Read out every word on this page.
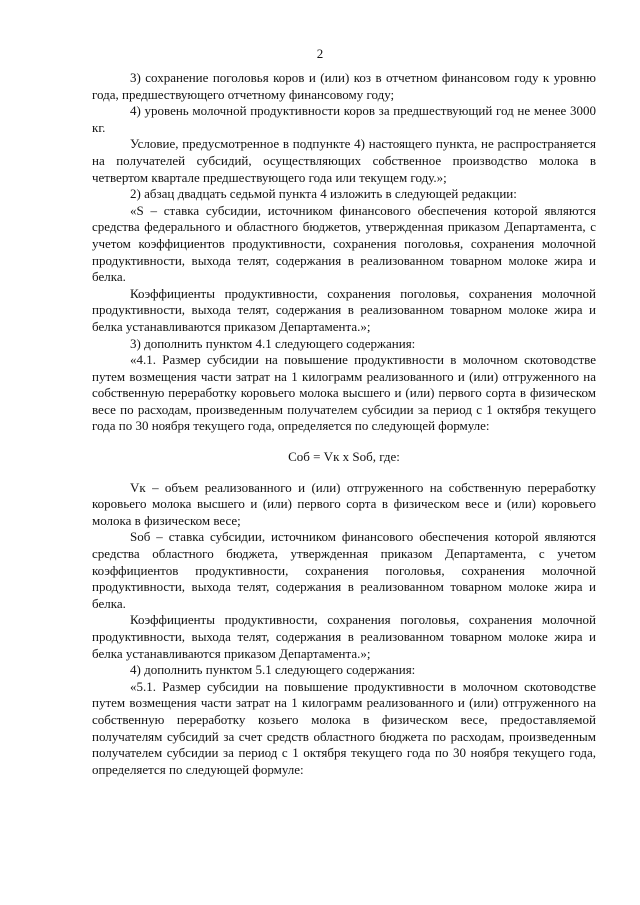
2

3) сохранение поголовья коров и (или) коз в отчетном финансовом году к уровню года, предшествующего отчетному финансовому году;

4) уровень молочной продуктивности коров за предшествующий год не менее 3000 кг.

Условие, предусмотренное в подпункте 4) настоящего пункта, не распространяется на получателей субсидий, осуществляющих собственное производство молока в четвертом квартале предшествующего года или текущем году.»;

2) абзац двадцать седьмой пункта 4 изложить в следующей редакции:

«S – ставка субсидии, источником финансового обеспечения которой являются средства федерального и областного бюджетов, утвержденная приказом Департамента, с учетом коэффициентов продуктивности, сохранения поголовья, сохранения молочной продуктивности, выхода телят, содержания в реализованном товарном молоке жира и белка.

Коэффициенты продуктивности, сохранения поголовья, сохранения молочной продуктивности, выхода телят, содержания в реализованном товарном молоке жира и белка устанавливаются приказом Департамента.»;

3) дополнить пунктом 4.1 следующего содержания:

«4.1. Размер субсидии на повышение продуктивности в молочном скотоводстве путем возмещения части затрат на 1 килограмм реализованного и (или) отгруженного на собственную переработку коровьего молока высшего и (или) первого сорта в физическом весе по расходам, произведенным получателем субсидии за период с 1 октября текущего года по 30 ноября текущего года, определяется по следующей формуле:

Соб = Vк х Sоб, где:

Vк – объем реализованного и (или) отгруженного на собственную переработку коровьего молока высшего и (или) первого сорта в физическом весе и (или) коровьего молока в физическом весе;

Sоб – ставка субсидии, источником финансового обеспечения которой являются средства областного бюджета, утвержденная приказом Департамента, с учетом коэффициентов продуктивности, сохранения поголовья, сохранения молочной продуктивности, выхода телят, содержания в реализованном товарном молоке жира и белка.

Коэффициенты продуктивности, сохранения поголовья, сохранения молочной продуктивности, выхода телят, содержания в реализованном товарном молоке жира и белка устанавливаются приказом Департамента.»;

4) дополнить пунктом 5.1 следующего содержания:

«5.1. Размер субсидии на повышение продуктивности в молочном скотоводстве путем возмещения части затрат на 1 килограмм реализованного и (или) отгруженного на собственную переработку козьего молока в физическом весе, предоставляемой получателям субсидий за счет средств областного бюджета по расходам, произведенным получателем субсидии за период с 1 октября текущего года по 30 ноября текущего года, определяется по следующей формуле:
